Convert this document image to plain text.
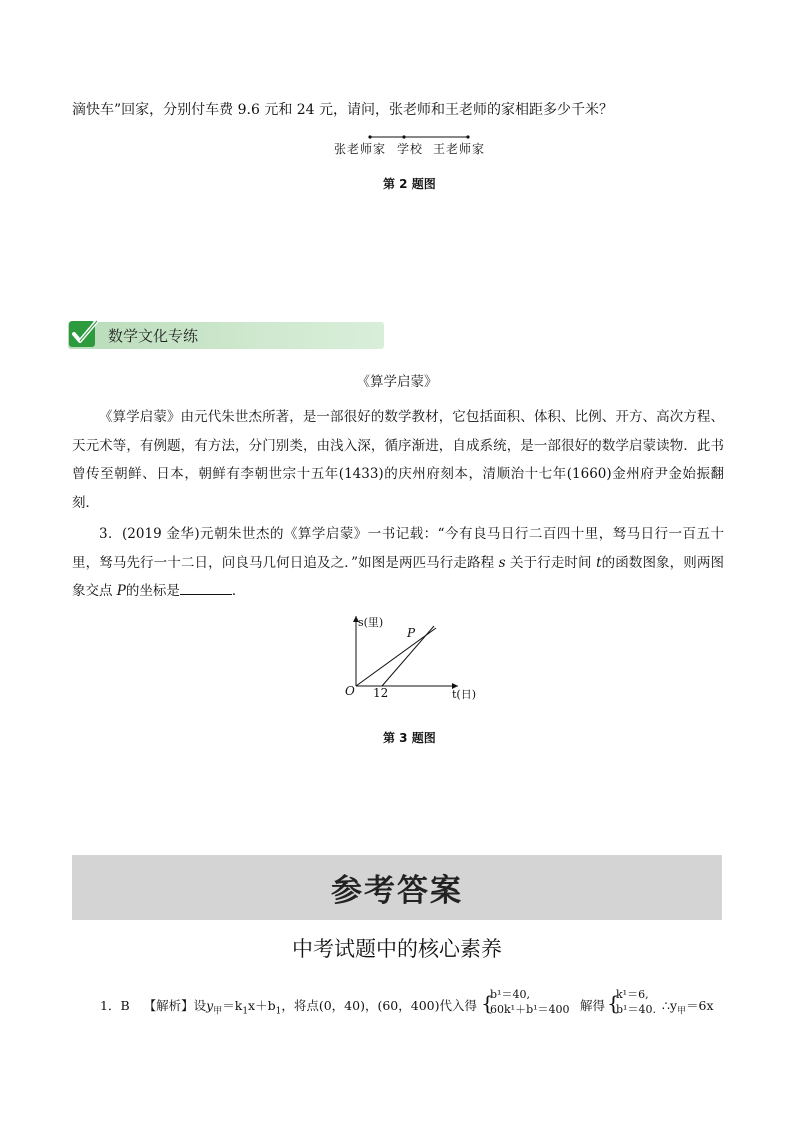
滴快车”回家，分别付车费 9.6 元和 24 元，请问，张老师和王老师的家相距多少千米？
张老师家 学校 王老师家
第 2 题图
数学文化专练
《算学启蒙》
《算学启蒙》由元代朱世杰所著，是一部很好的数学教材，它包括面积、体积、比例、开方、高次方程、天元术等，有例题，有方法，分门别类，由浅入深，循序渐进，自成系统，是一部很好的数学启蒙读物．此书曾传至朝鲜、日本，朝鲜有李朝世宗十五年(1433)的庆州府刻本，清顺治十七年(1660)金州府尹金始振翻刻．
3．(2019 金华)元朝朱世杰的《算学启蒙》一书记载：“今有良马日行二百四十里，驽马日行一百五十里，驽马先行一十二日，问良马几何日追及之．”如图是两匹马行走路程 s 关于行走时间 t的函数图象，则两图象交点 P的坐标是	．
s(里)
t(日)
O 12
P
第 3 题图
参考答案
中考试题中的核心素养
1．B 【解析】设$y_甲=k_1x+b_1$，将点(0，40)，(60，400)代入得 {
b¹＝40,
60k¹＋b¹＝400 解得 {
k¹＝6,
b¹＝40. $\therefore y_甲=6x$
